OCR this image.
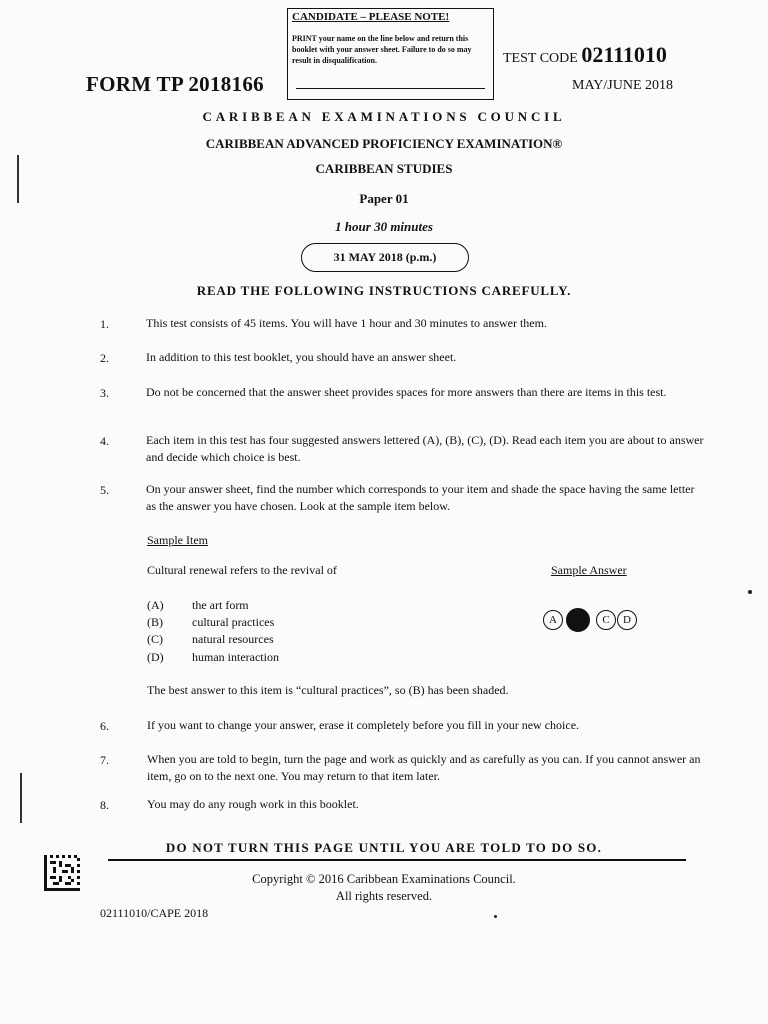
CANDIDATE – PLEASE NOTE!
PRINT your name on the line below and return this booklet with your answer sheet. Failure to do so may result in disqualification.
FORM TP 2018166
TEST CODE 02111010
MAY/JUNE 2018
CARIBBEAN EXAMINATIONS COUNCIL
CARIBBEAN ADVANCED PROFICIENCY EXAMINATION®
CARIBBEAN STUDIES
Paper 01
1 hour 30 minutes
31 MAY 2018 (p.m.)
READ THE FOLLOWING INSTRUCTIONS CAREFULLY.
1.	This test consists of 45 items. You will have 1 hour and 30 minutes to answer them.
2.	In addition to this test booklet, you should have an answer sheet.
3.	Do not be concerned that the answer sheet provides spaces for more answers than there are items in this test.
4.	Each item in this test has four suggested answers lettered (A), (B), (C), (D). Read each item you are about to answer and decide which choice is best.
5.	On your answer sheet, find the number which corresponds to your item and shade the space having the same letter as the answer you have chosen. Look at the sample item below.
Sample Item
Cultural renewal refers to the revival of	Sample Answer
(A) the art form
(B) cultural practices
(C) natural resources
(D) human interaction
A B C D
The best answer to this item is “cultural practices”, so (B) has been shaded.
6.	If you want to change your answer, erase it completely before you fill in your new choice.
7.	When you are told to begin, turn the page and work as quickly and as carefully as you can. If you cannot answer an item, go on to the next one. You may return to that item later.
8.	You may do any rough work in this booklet.
DO NOT TURN THIS PAGE UNTIL YOU ARE TOLD TO DO SO.
Copyright © 2016 Caribbean Examinations Council.
All rights reserved.
02111010/CAPE 2018
